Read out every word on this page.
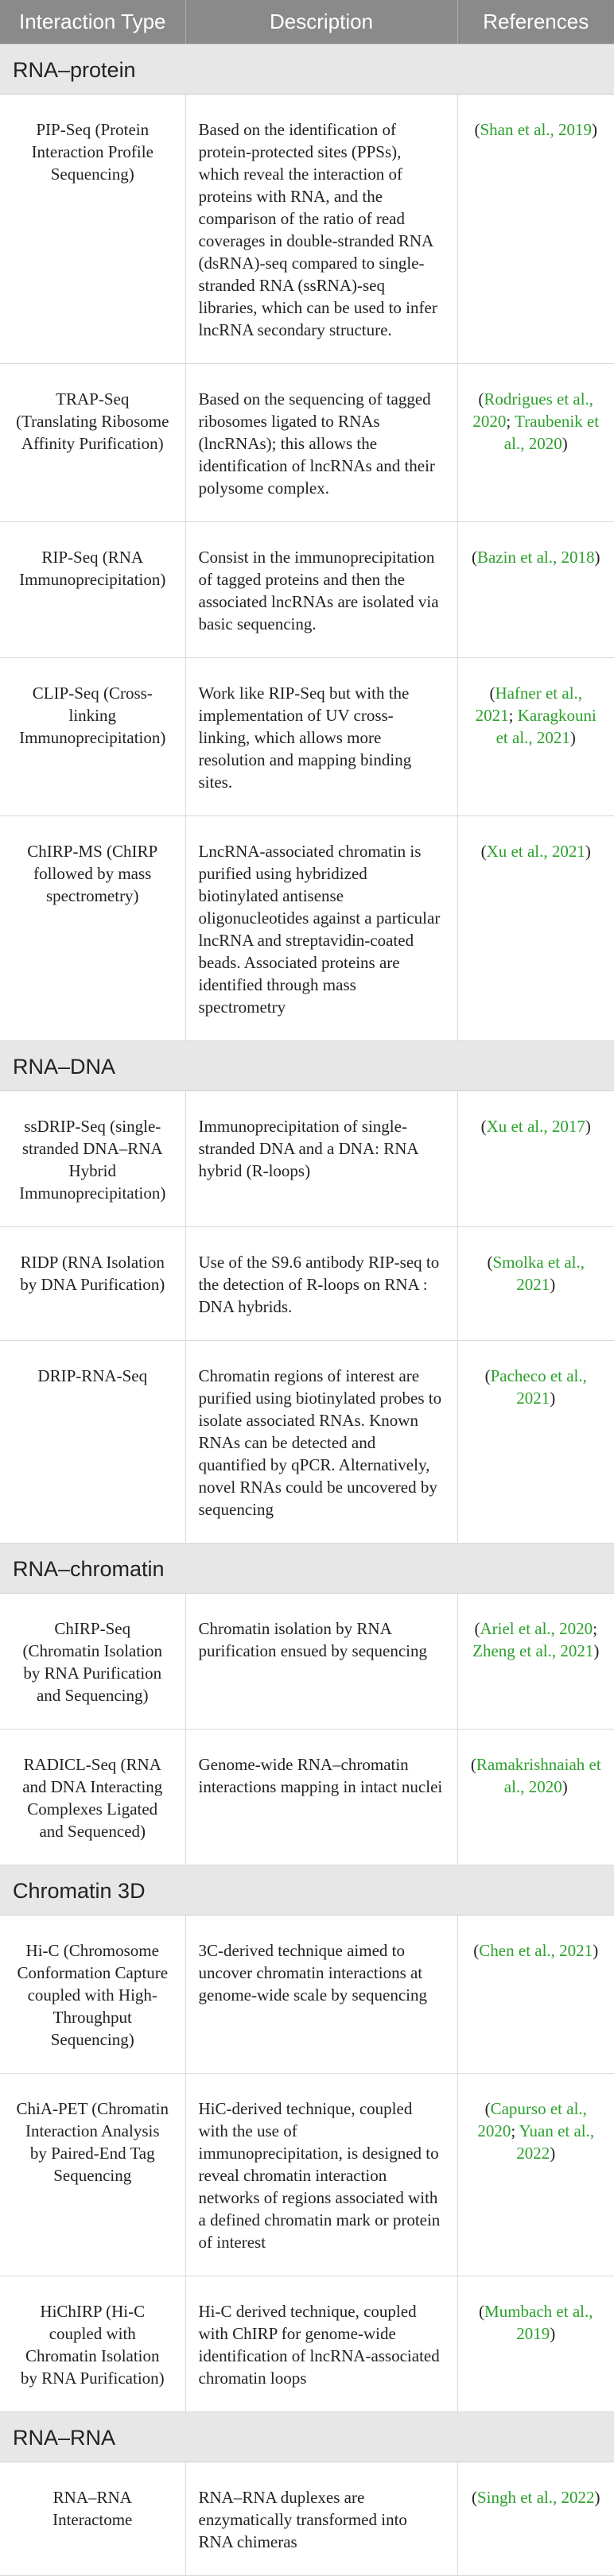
Interaction Type	Description	References
RNA–protein		
PIP-Seq (Protein Interaction Profile Sequencing)	Based on the identification of protein-protected sites (PPSs), which reveal the interaction of proteins with RNA, and the comparison of the ratio of read coverages in double-stranded RNA (dsRNA)-seq compared to single-stranded RNA (ssRNA)-seq libraries, which can be used to infer lncRNA secondary structure.	(Shan et al., 2019)
TRAP-Seq (Translating Ribosome Affinity Purification)	Based on the sequencing of tagged ribosomes ligated to RNAs (lncRNAs); this allows the identification of lncRNAs and their polysome complex.	(Rodrigues et al., 2020; Traubenik et al., 2020)
RIP-Seq (RNA Immunoprecipitation)	Consist in the immunoprecipitation of tagged proteins and then the associated lncRNAs are isolated via basic sequencing.	(Bazin et al., 2018)
CLIP-Seq (Cross-linking Immunoprecipitation)	Work like RIP-Seq but with the implementation of UV cross-linking, which allows more resolution and mapping binding sites.	(Hafner et al., 2021; Karagkouni et al., 2021)
ChIRP-MS (ChIRP followed by mass spectrometry)	LncRNA-associated chromatin is purified using hybridized biotinylated antisense oligonucleotides against a particular lncRNA and streptavidin-coated beads. Associated proteins are identified through mass spectrometry	(Xu et al., 2021)
RNA–DNA		
ssDRIP-Seq (single-stranded DNA–RNA Hybrid Immunoprecipitation)	Immunoprecipitation of single-stranded DNA and a DNA: RNA hybrid (R-loops)	(Xu et al., 2017)
RIDP (RNA Isolation by DNA Purification)	Use of the S9.6 antibody RIP-seq to the detection of R-loops on RNA : DNA hybrids.	(Smolka et al., 2021)
DRIP-RNA-Seq	Chromatin regions of interest are purified using biotinylated probes to isolate associated RNAs. Known RNAs can be detected and quantified by qPCR. Alternatively, novel RNAs could be uncovered by sequencing	(Pacheco et al., 2021)
RNA–chromatin		
ChIRP-Seq (Chromatin Isolation by RNA Purification and Sequencing)	Chromatin isolation by RNA purification ensued by sequencing	(Ariel et al., 2020; Zheng et al., 2021)
RADICL-Seq (RNA and DNA Interacting Complexes Ligated and Sequenced)	Genome-wide RNA–chromatin interactions mapping in intact nuclei	(Ramakrishnaiah et al., 2020)
Chromatin 3D		
Hi-C (Chromosome Conformation Capture coupled with High-Throughput Sequencing)	3C-derived technique aimed to uncover chromatin interactions at genome-wide scale by sequencing	(Chen et al., 2021)
ChiA-PET (Chromatin Interaction Analysis by Paired-End Tag Sequencing	HiC-derived technique, coupled with the use of immunoprecipitation, is designed to reveal chromatin interaction networks of regions associated with a defined chromatin mark or protein of interest	(Capurso et al., 2020; Yuan et al., 2022)
HiChIRP (Hi-C coupled with Chromatin Isolation by RNA Purification)	Hi-C derived technique, coupled with ChIRP for genome-wide identification of lncRNA-associated chromatin loops	(Mumbach et al., 2019)
RNA–RNA		
RNA–RNA Interactome	RNA–RNA duplexes are enzymatically transformed into RNA chimeras	(Singh et al., 2022)
